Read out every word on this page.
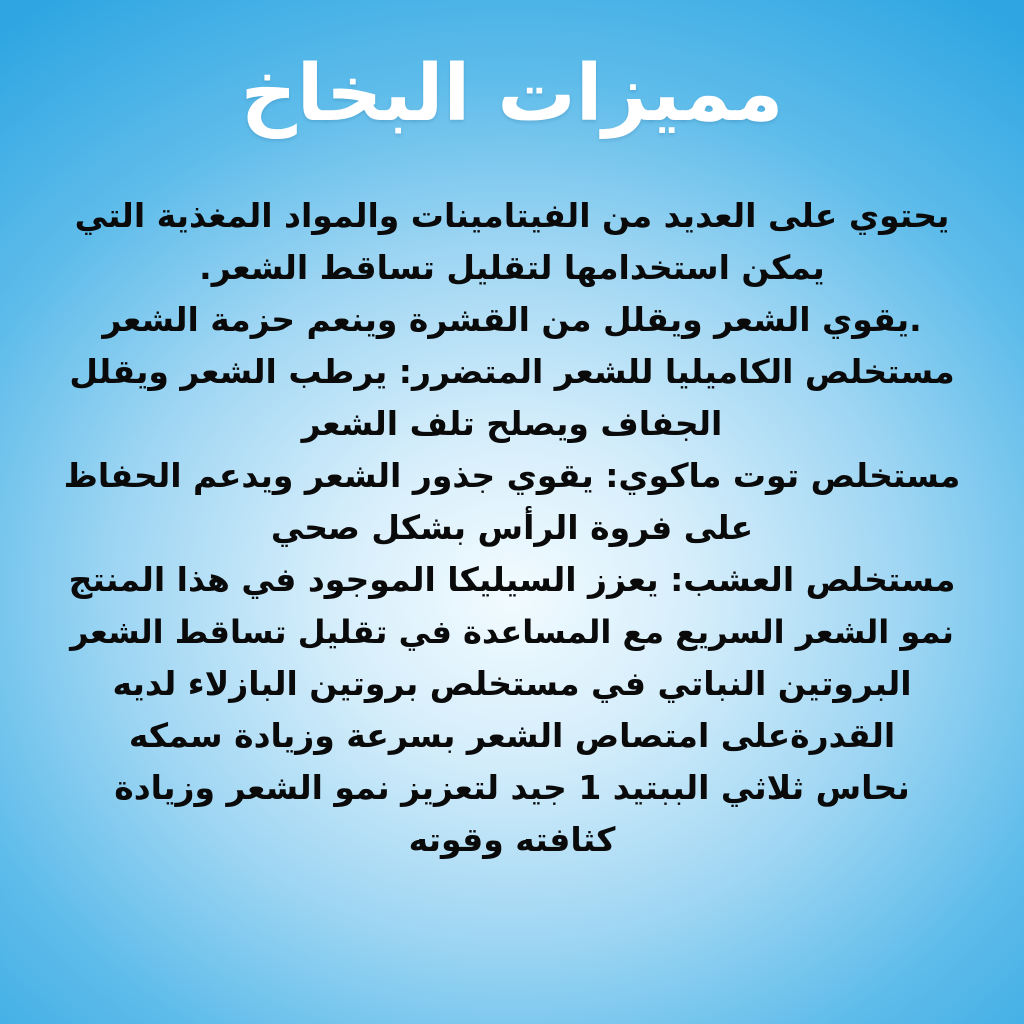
مميزات البخاخ
يحتوي على العديد من الفيتامينات والمواد المغذية التي
يمكن استخدامها لتقليل تساقط الشعر.
.يقوي الشعر ويقلل من القشرة وينعم حزمة الشعر
مستخلص الكاميليا للشعر المتضرر: يرطب الشعر ويقلل
الجفاف ويصلح تلف الشعر
مستخلص توت ماكوي: يقوي جذور الشعر ويدعم الحفاظ
على فروة الرأس بشكل صحي
مستخلص العشب: يعزز السيليكا الموجود في هذا المنتج
نمو الشعر السريع مع المساعدة في تقليل تساقط الشعر
البروتين النباتي في مستخلص بروتين البازلاء لديه
القدرةعلى امتصاص الشعر بسرعة وزيادة سمكه
نحاس ثلاثي الببتيد 1 جيد لتعزيز نمو الشعر وزيادة
كثافته وقوته
